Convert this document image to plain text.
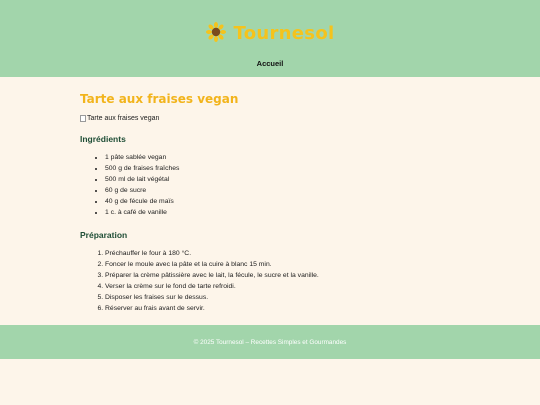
Tournesol
Accueil
Tarte aux fraises vegan
Tarte aux fraises vegan
Ingrédients
• 1 pâte sablée vegan
• 500 g de fraises fraîches
• 500 ml de lait végétal
• 60 g de sucre
• 40 g de fécule de maïs
• 1 c. à café de vanille
Préparation
1. Préchauffer le four à 180 °C.
2. Foncer le moule avec la pâte et la cuire à blanc 15 min.
3. Préparer la crème pâtissière avec le lait, la fécule, le sucre et la vanille.
4. Verser la crème sur le fond de tarte refroidi.
5. Disposer les fraises sur le dessus.
6. Réserver au frais avant de servir.
© 2025 Tournesol – Recettes Simples et Gourmandes
